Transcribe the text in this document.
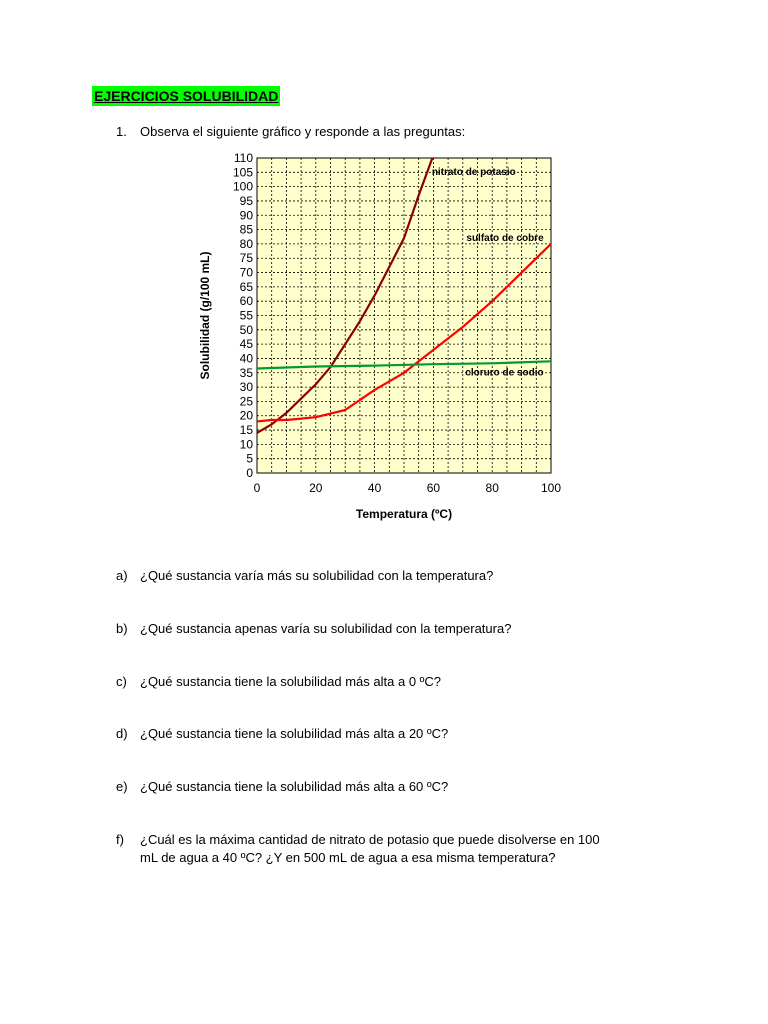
EJERCICIOS SOLUBILIDAD
1. Observa el siguiente gráfico y responde a las preguntas:
0
5
10
15
20
25
30
35
40
45
50
55
60
65
70
75
80
85
90
95
100
105
110
0	20	40	60	80	100
Temperatura (ºC)
Solubilidad (g/100 mL)
nitrato de potasio
sulfato de cobre
cloruro de sodio
a) ¿Qué sustancia varía más su solubilidad con la temperatura?
b) ¿Qué sustancia apenas varía su solubilidad con la temperatura?
c) ¿Qué sustancia tiene la solubilidad más alta a 0 ºC?
d) ¿Qué sustancia tiene la solubilidad más alta a 20 ºC?
e) ¿Qué sustancia tiene la solubilidad más alta a 60 ºC?
f) ¿Cuál es la máxima cantidad de nitrato de potasio que puede disolverse en 100 mL de agua a 40 ºC? ¿Y en 500 mL de agua a esa misma temperatura?
